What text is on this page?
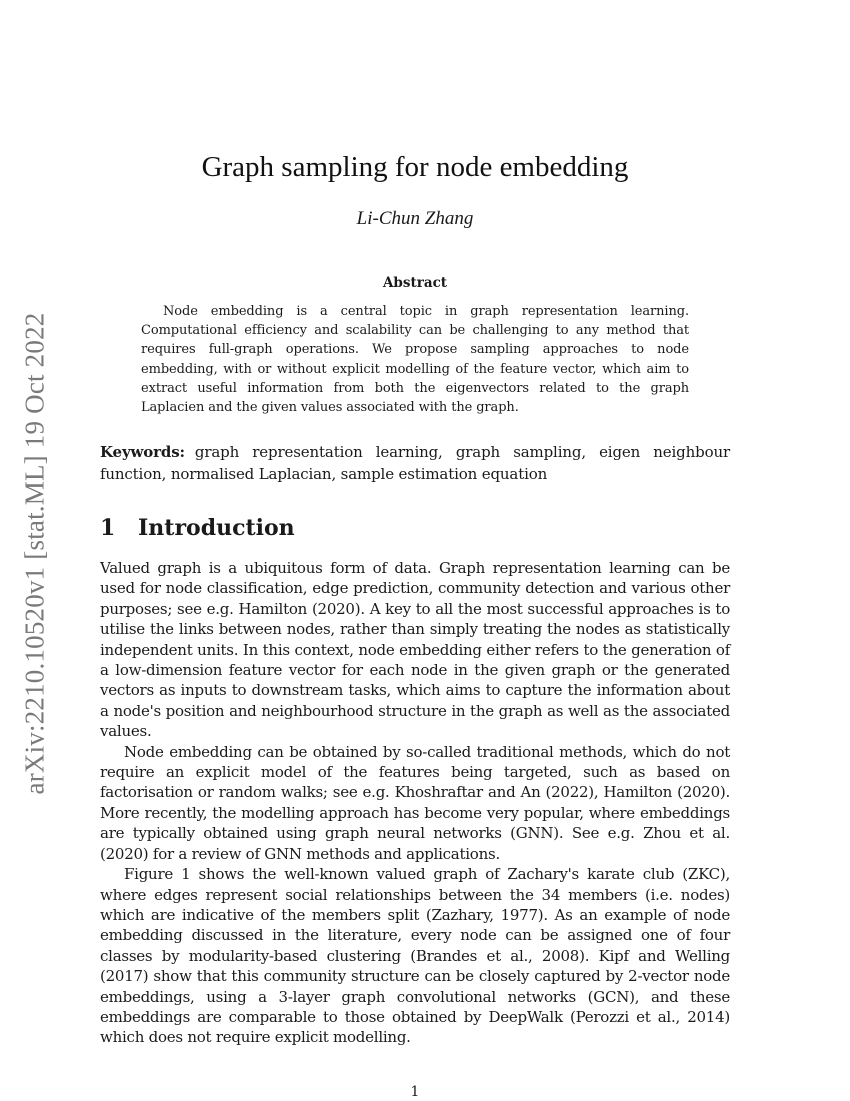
arXiv:2210.10520v1 [stat.ML] 19 Oct 2022
Graph sampling for node embedding
Li-Chun Zhang
Abstract
Node embedding is a central topic in graph representation learning. Computational efficiency and scalability can be challenging to any method that requires full-graph operations. We propose sampling approaches to node embedding, with or without explicit modelling of the feature vector, which aim to extract useful information from both the eigenvectors related to the graph Laplacien and the given values associated with the graph.
Keywords: graph representation learning, graph sampling, eigen neighbour function, normalised Laplacian, sample estimation equation
1 Introduction

Valued graph is a ubiquitous form of data. Graph representation learning can be used for node classification, edge prediction, community detection and various other purposes; see e.g. Hamilton (2020). A key to all the most successful approaches is to utilise the links between nodes, rather than simply treating the nodes as statistically independent units. In this context, node embedding either refers to the generation of a low-dimension feature vector for each node in the given graph or the generated vectors as inputs to downstream tasks, which aims to capture the information about a node's position and neighbourhood structure in the graph as well as the associated values.

Node embedding can be obtained by so-called traditional methods, which do not require an explicit model of the features being targeted, such as based on factorisation or random walks; see e.g. Khoshraftar and An (2022), Hamilton (2020). More recently, the modelling approach has become very popular, where embeddings are typically obtained using graph neural networks (GNN). See e.g. Zhou et al. (2020) for a review of GNN methods and applications.

Figure 1 shows the well-known valued graph of Zachary's karate club (ZKC), where edges represent social relationships between the 34 members (i.e. nodes) which are indicative of the members split (Zazhary, 1977). As an example of node embedding discussed in the literature, every node can be assigned one of four classes by modularity-based clustering (Brandes et al., 2008). Kipf and Welling (2017) show that this community structure can be closely captured by 2-vector node embeddings, using a 3-layer graph convolutional networks (GCN), and these embeddings are comparable to those obtained by DeepWalk (Perozzi et al., 2014) which does not require explicit modelling.

1
